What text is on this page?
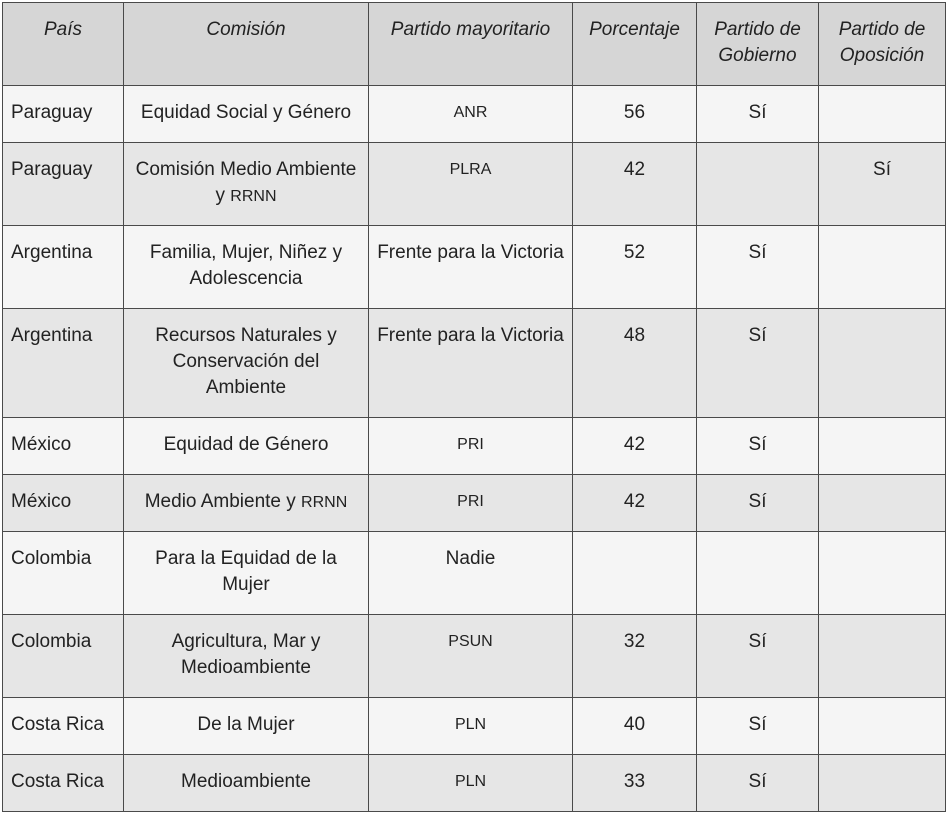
País	Comisión	Partido mayoritario	Porcentaje	Partido de Gobierno	Partido de Oposición
Paraguay	Equidad Social y Género	ANR	56	Sí	
Paraguay	Comisión Medio Ambiente y RRNN	PLRA	42		Sí
Argentina	Familia, Mujer, Niñez y Adolescencia	Frente para la Victoria	52	Sí	
Argentina	Recursos Naturales y Conservación del Ambiente	Frente para la Victoria	48	Sí	
México	Equidad de Género	PRI	42	Sí	
México	Medio Ambiente y RRNN	PRI	42	Sí	
Colombia	Para la Equidad de la Mujer	Nadie			
Colombia	Agricultura, Mar y Medioambiente	PSUN	32	Sí	
Costa Rica	De la Mujer	PLN	40	Sí	
Costa Rica	Medioambiente	PLN	33	Sí	
